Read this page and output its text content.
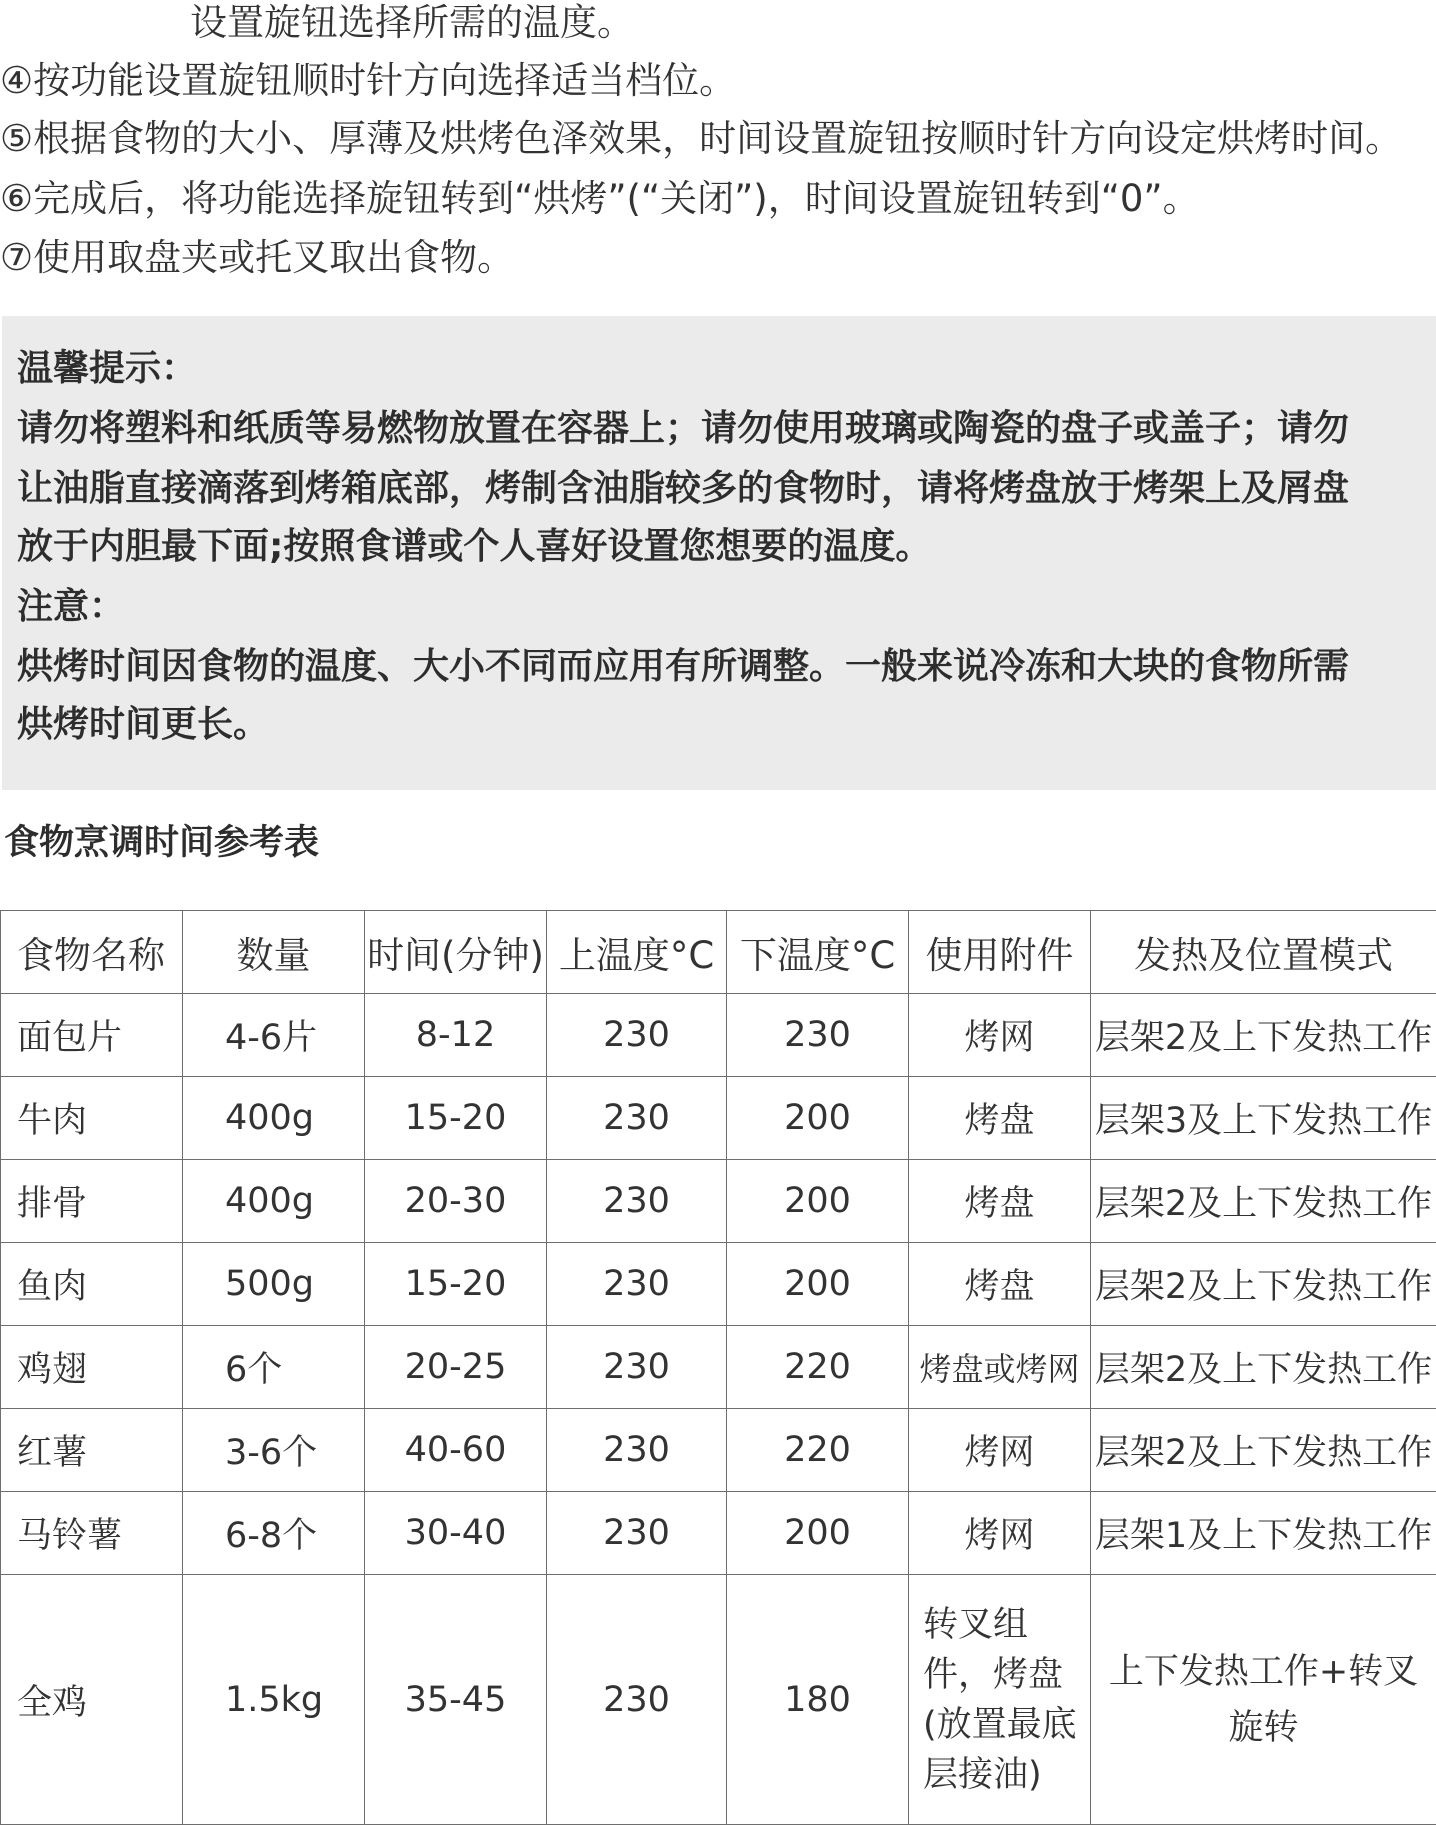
设置旋钮选择所需的温度。
④按功能设置旋钮顺时针方向选择适当档位。
⑤根据食物的大小、厚薄及烘烤色泽效果，时间设置旋钮按顺时针方向设定烘烤时间。
⑥完成后，将功能选择旋钮转到“烘烤”(“关闭”)，时间设置旋钮转到“0”。
⑦使用取盘夹或托叉取出食物。
温馨提示：
请勿将塑料和纸质等易燃物放置在容器上；请勿使用玻璃或陶瓷的盘子或盖子；请勿
让油脂直接滴落到烤箱底部，烤制含油脂较多的食物时，请将烤盘放于烤架上及屑盘
放于内胆最下面;按照食谱或个人喜好设置您想要的温度。
注意：
烘烤时间因食物的温度、大小不同而应用有所调整。一般来说冷冻和大块的食物所需
烘烤时间更长。
食物烹调时间参考表
食物名称	数量	时间(分钟)	上温度°C	下温度°C	使用附件	发热及位置模式
面包片	4-6片	8-12	230	230	烤网	层架2及上下发热工作
牛肉	400g	15-20	230	200	烤盘	层架3及上下发热工作
排骨	400g	20-30	230	200	烤盘	层架2及上下发热工作
鱼肉	500g	15-20	230	200	烤盘	层架2及上下发热工作
鸡翅	6个	20-25	230	220	烤盘或烤网	层架2及上下发热工作
红薯	3-6个	40-60	230	220	烤网	层架2及上下发热工作
马铃薯	6-8个	30-40	230	200	烤网	层架1及上下发热工作
全鸡	1.5kg	35-45	230	180	转叉组件，烤盘(放置最底层接油)	上下发热工作+转叉旋转
